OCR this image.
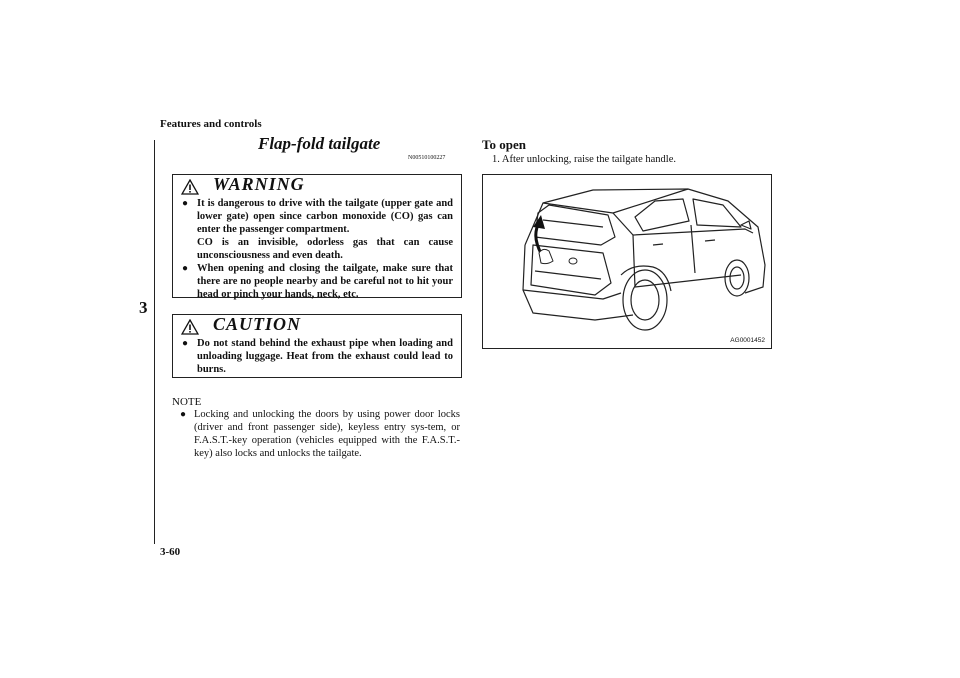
Features and controls
3
3-60
Flap-fold tailgate
N00510100227
WARNING
● It is dangerous to drive with the tailgate (upper gate and lower gate) open since carbon monoxide (CO) gas can enter the passenger compartment.
CO is an invisible, odorless gas that can cause unconsciousness and even death.
● When opening and closing the tailgate, make sure that there are no people nearby and be careful not to hit your head or pinch your hands, neck, etc.
CAUTION
● Do not stand behind the exhaust pipe when loading and unloading luggage. Heat from the exhaust could lead to burns.
NOTE
● Locking and unlocking the doors by using power door locks (driver and front passenger side), keyless entry sys-tem, or F.A.S.T.-key operation (vehicles equipped with the F.A.S.T.-key) also locks and unlocks the tailgate.
To open
1. After unlocking, raise the tailgate handle.
AG0001452
